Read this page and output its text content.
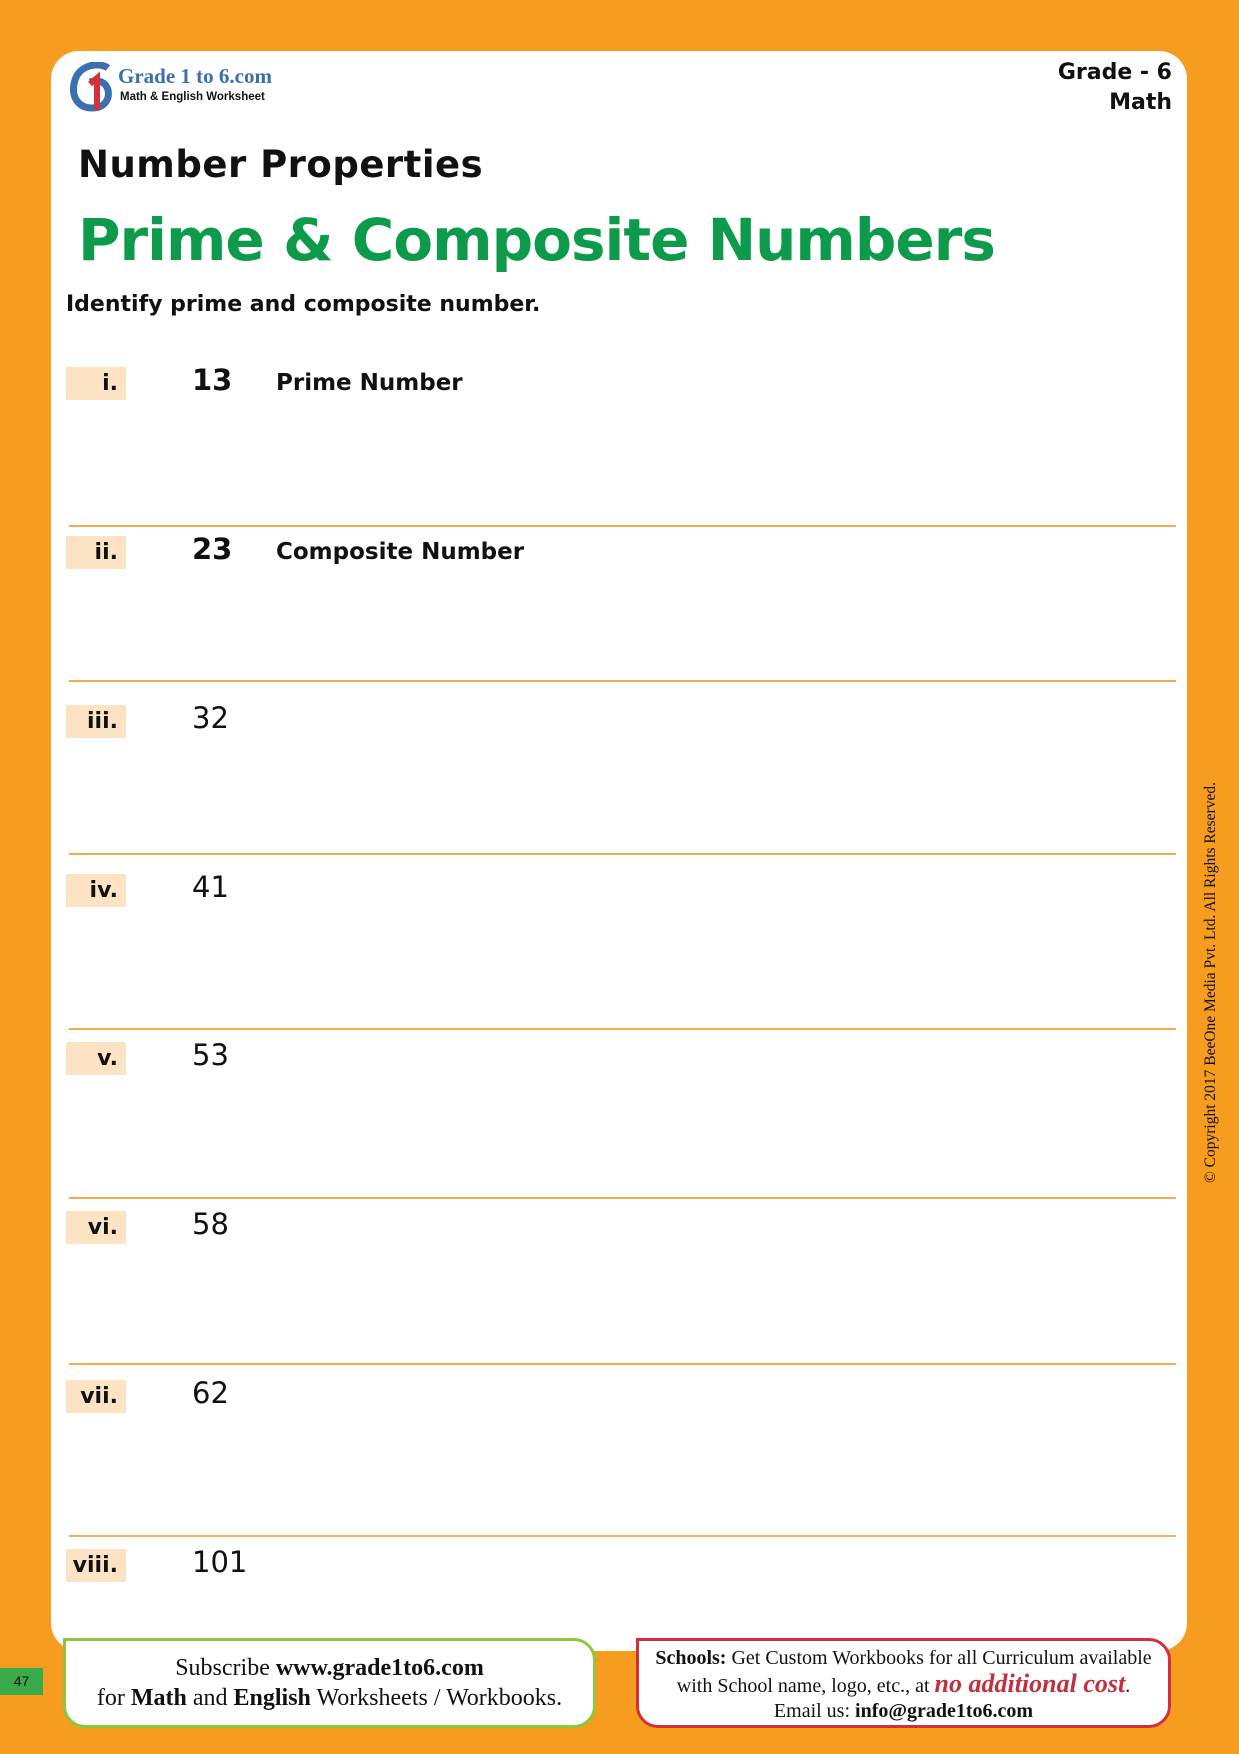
Grade 1 to 6.com
Math & English Worksheet
Grade - 6
Math
Number Properties
Prime & Composite Numbers
Identify prime and composite number.
i.	13 Prime Number
ii.	23 Composite Number
iii.	32
iv.	41
v.	53
vi.	58
vii.	62
viii.	101
47	Subscribe www.grade1to6.com
for Math and English Worksheets / Workbooks.
Schools: Get Custom Workbooks for all Curriculum available
with School name, logo, etc., at no additional cost.
Email us: info@grade1to6.com
© Copyright 2017 BeeOne Media Pvt. Ltd. All Rights Reserved.
